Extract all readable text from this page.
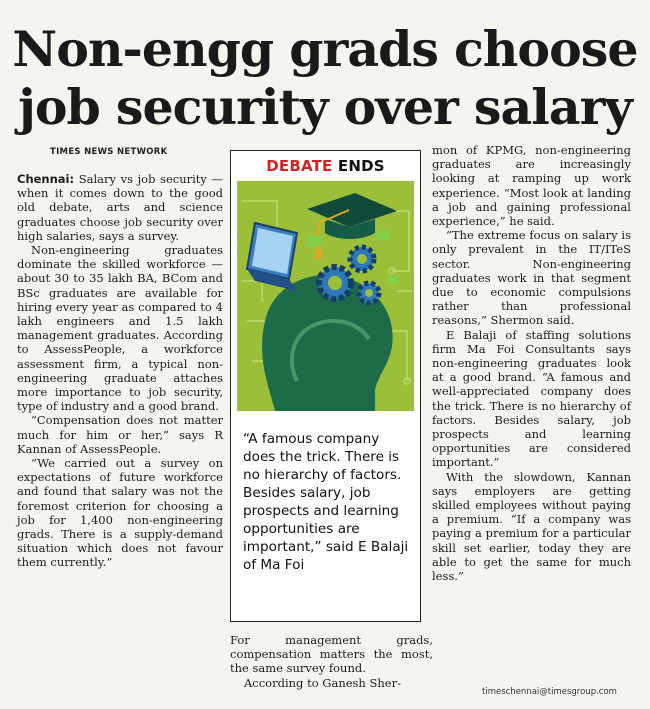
Non-engg grads choose
job security over salary
TIMES NEWS NETWORK

Chennai: Salary vs job security — when it comes down to the good old debate, arts and science graduates choose job security over high salaries, says a survey.

Non-engineering graduates dominate the skilled workforce — about 30 to 35 lakh BA, BCom and BSc graduates are available for hiring every year as compared to 4 lakh engineers and 1.5 lakh management graduates. According to AssessPeople, a workforce assessment firm, a typical non-engineering graduate attaches more importance to job security, type of industry and a good brand.

“Compensation does not matter much for him or her,” says R Kannan of AssessPeople.

“We carried out a survey on expectations of future workforce and found that salary was not the foremost criterion for choosing a job for 1,400 non-engineering grads. There is a supply-demand situation which does not favour them currently.”

DEBATE ENDS
“A famous company does the trick. There is no hierarchy of factors. Besides salary, job prospects and learning opportunities are important,” said E Balaji of Ma Foi

For management grads, compensation matters the most, the same survey found.

According to Ganesh Sher-

mon of KPMG, non-engineering graduates are increasingly looking at ramping up work experience. “Most look at landing a job and gaining professional experience,” he said.

“The extreme focus on salary is only prevalent in the IT/ITeS sector. Non-engineering graduates work in that segment due to economic compulsions rather than professional reasons,” Shermon said.

E Balaji of staffing solutions firm Ma Foi Consultants says non-engineering graduates look at a good brand. “A famous and well-appreciated company does the trick. There is no hierarchy of factors. Besides salary, job prospects and learning opportunities are considered important.”

With the slowdown, Kannan says employers are getting skilled employees without paying a premium. “If a company was paying a premium for a particular skill set earlier, today they are able to get the same for much less.”

timeschennai@timesgroup.com
